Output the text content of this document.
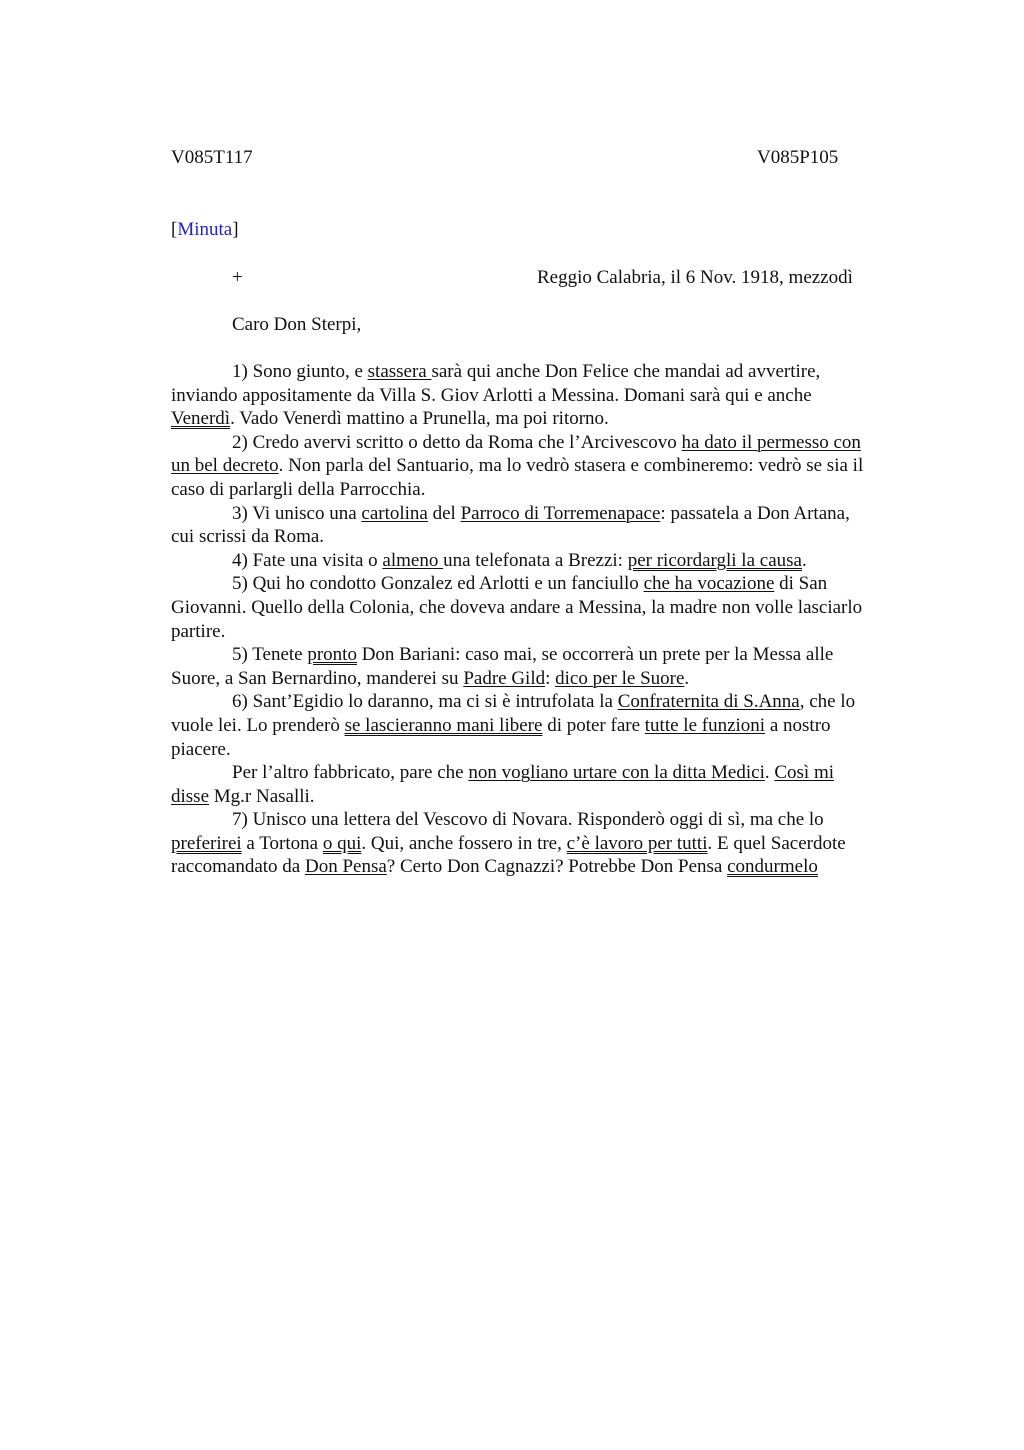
V085T117	V085P105
[Minuta]
+	Reggio Calabria, il 6 Nov. 1918, mezzodì
Caro Don Sterpi,
1) Sono giunto, e stassera sarà qui anche Don Felice che mandai ad avvertire,
inviando appositamente da Villa S. Giov Arlotti a Messina. Domani sarà qui e anche
Venerdì. Vado Venerdì mattino a Prunella, ma poi ritorno.
2) Credo avervi scritto o detto da Roma che l’Arcivescovo ha dato il permesso con
un bel decreto. Non parla del Santuario, ma lo vedrò stasera e combineremo: vedrò se sia il
caso di parlargli della Parrocchia.
3) Vi unisco una cartolina del Parroco di Torremenapace: passatela a Don Artana,
cui scrissi da Roma.
4) Fate una visita o almeno una telefonata a Brezzi: per ricordargli la causa.
5) Qui ho condotto Gonzalez ed Arlotti e un fanciullo che ha vocazione di San
Giovanni. Quello della Colonia, che doveva andare a Messina, la madre non volle lasciarlo
partire.
5) Tenete pronto Don Bariani: caso mai, se occorrerà un prete per la Messa alle
Suore, a San Bernardino, manderei su Padre Gild: dico per le Suore.
6) Sant’Egidio lo daranno, ma ci si è intrufolata la Confraternita di S.Anna, che lo
vuole lei. Lo prenderò se lascieranno mani libere di poter fare tutte le funzioni a nostro
piacere.
Per l’altro fabbricato, pare che non vogliano urtare con la ditta Medici. Così mi
disse Mg.r Nasalli.
7) Unisco una lettera del Vescovo di Novara. Risponderò oggi di sì, ma che lo
preferirei a Tortona o qui. Qui, anche fossero in tre, c’è lavoro per tutti. E quel Sacerdote
raccomandato da Don Pensa? Certo Don Cagnazzi? Potrebbe Don Pensa condurmelo
